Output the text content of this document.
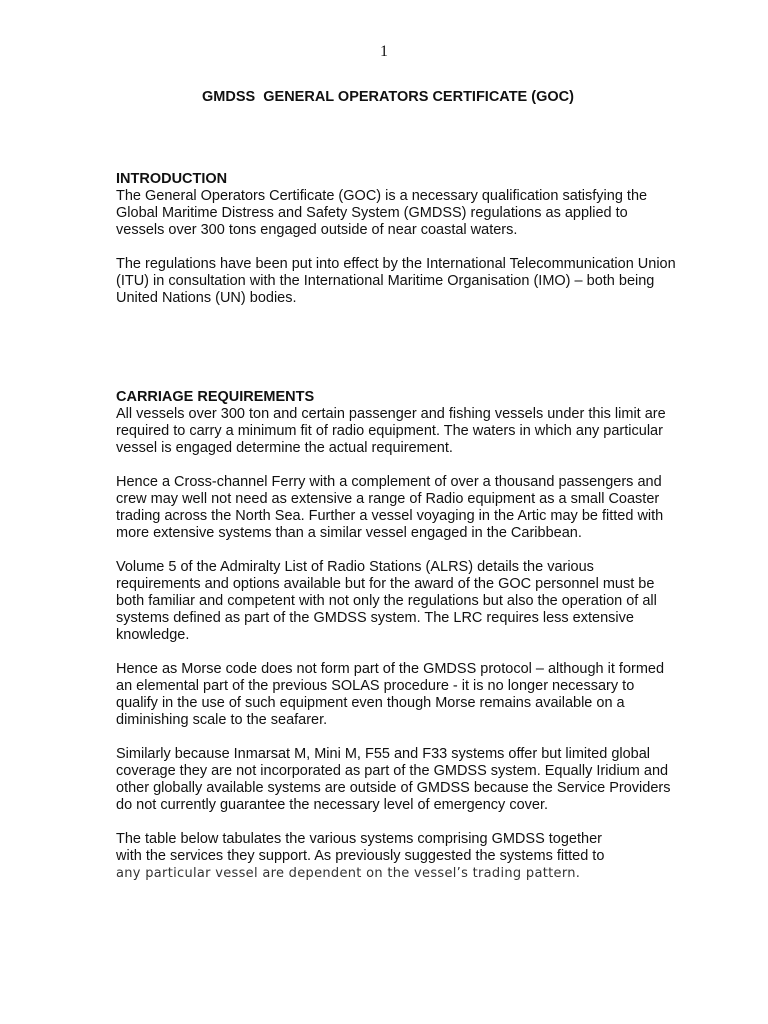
1
GMDSS  GENERAL OPERATORS CERTIFICATE (GOC)
INTRODUCTION

The General Operators Certificate (GOC) is a necessary qualification satisfying the Global Maritime Distress and Safety System (GMDSS) regulations as applied to vessels over 300 tons engaged outside of near coastal waters.

The regulations have been put into effect by the International Telecommunication Union (ITU) in consultation with the International Maritime Organisation (IMO) – both being United Nations (UN) bodies.

CARRIAGE REQUIREMENTS

All vessels over 300 ton and certain passenger and fishing vessels under this limit are required to carry a minimum fit of radio equipment. The waters in which any particular vessel is engaged determine the actual requirement.

Hence a Cross-channel Ferry with a complement of over a thousand passengers and crew may well not need as extensive a range of Radio equipment as a small Coaster trading across the North Sea. Further a vessel voyaging in the Artic may be fitted with more extensive systems than a similar vessel engaged in the Caribbean.

Volume 5 of the Admiralty List of Radio Stations (ALRS) details the various requirements and options available but for the award of the GOC personnel must be both familiar and competent with not only the regulations but also the operation of all systems defined as part of the GMDSS system. The LRC requires less extensive knowledge.

Hence as Morse code does not form part of the GMDSS protocol – although it formed an elemental part of the previous SOLAS procedure - it is no longer necessary to qualify in the use of such equipment even though Morse remains available on a diminishing scale to the seafarer.

Similarly because Inmarsat M, Mini M, F55 and F33 systems offer but limited global coverage they are not incorporated as part of the GMDSS system. Equally Iridium and other globally available systems are outside of GMDSS because the Service Providers do not currently guarantee the necessary level of emergency cover.

The table below tabulates the various systems comprising GMDSS together
with the services they support. As previously suggested the systems fitted to
any particular vessel are dependent on the vessel’s trading pattern.
